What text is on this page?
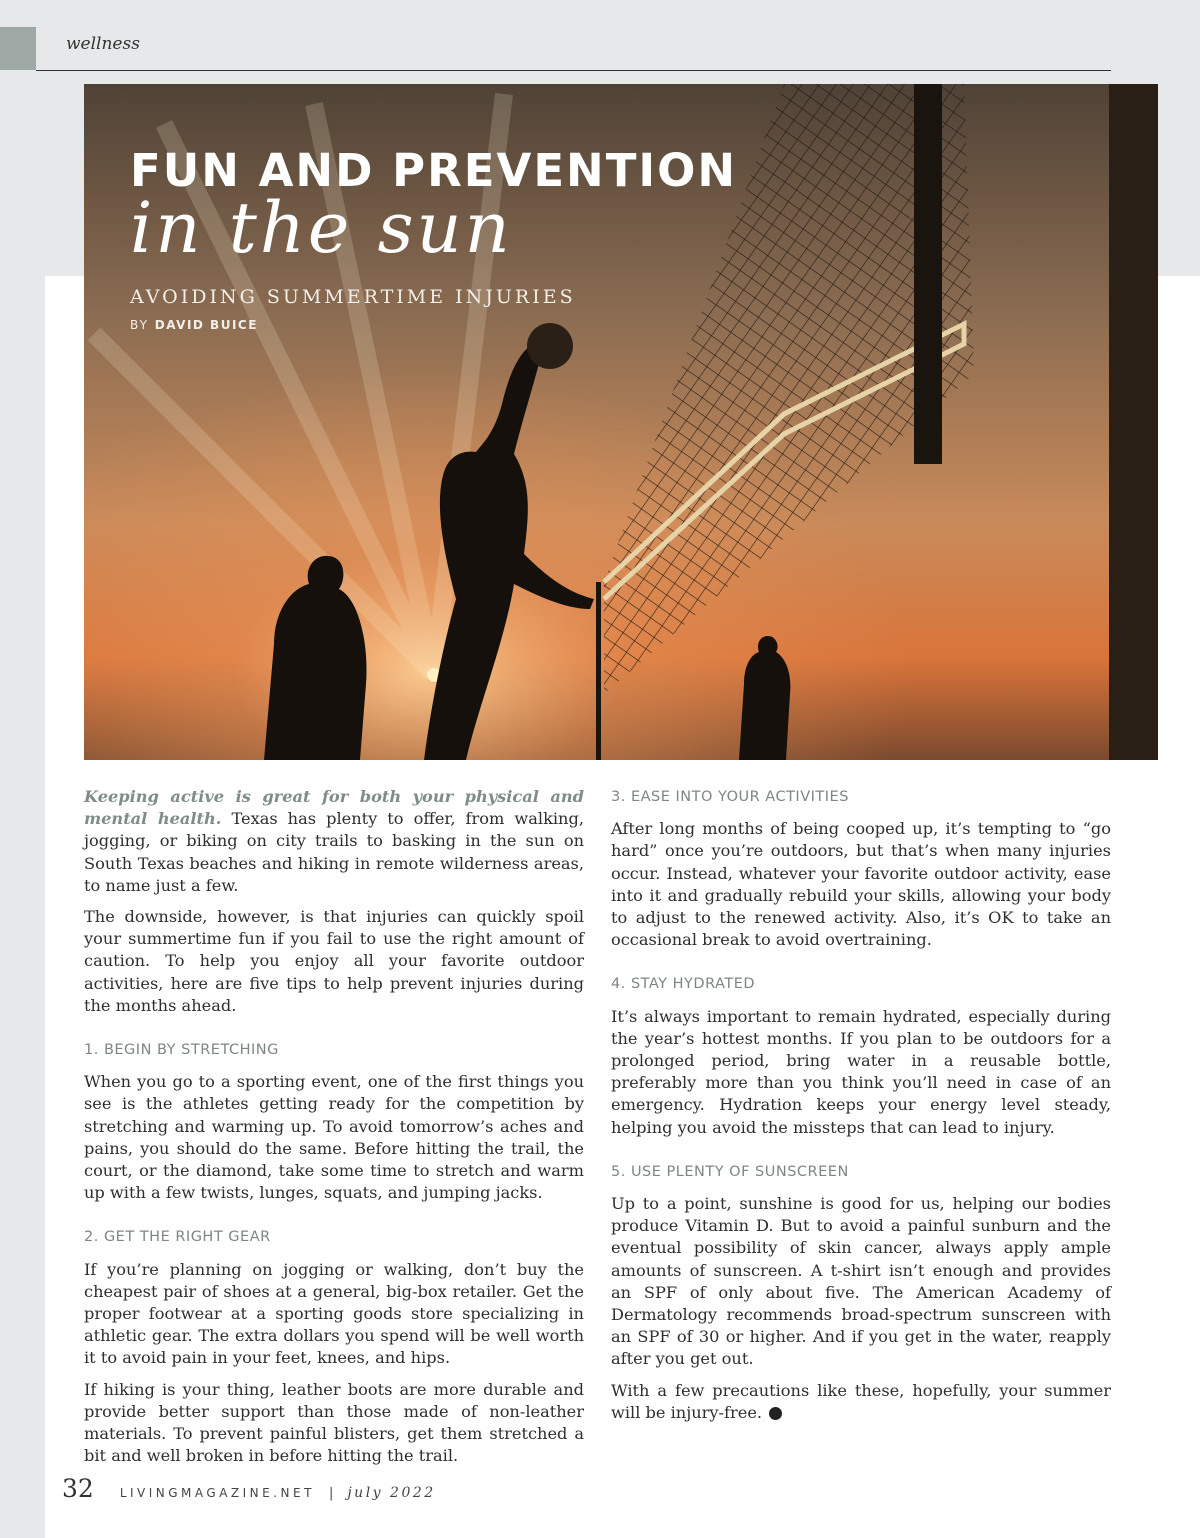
wellness
FUN AND PREVENTION
in the sun
AVOIDING SUMMERTIME INJURIES
BY DAVID BUICE

Keeping active is great for both your physical and mental health. Texas has plenty to offer, from walking, jogging, or biking on city trails to basking in the sun on South Texas beaches and hiking in remote wilderness areas, to name just a few.

The downside, however, is that injuries can quickly spoil your summertime fun if you fail to use the right amount of caution. To help you enjoy all your favorite outdoor activities, here are five tips to help prevent injuries during the months ahead.

1. BEGIN BY STRETCHING

When you go to a sporting event, one of the first things you see is the athletes getting ready for the competition by stretching and warming up. To avoid tomorrow’s aches and pains, you should do the same. Before hitting the trail, the court, or the diamond, take some time to stretch and warm up with a few twists, lunges, squats, and jumping jacks.

2. GET THE RIGHT GEAR

If you’re planning on jogging or walking, don’t buy the cheapest pair of shoes at a general, big-box retailer. Get the proper footwear at a sporting goods store specializing in athletic gear. The extra dollars you spend will be well worth it to avoid pain in your feet, knees, and hips.

If hiking is your thing, leather boots are more durable and provide better support than those made of non-leather materials. To prevent painful blisters, get them stretched a bit and well broken in before hitting the trail.

3. EASE INTO YOUR ACTIVITIES

After long months of being cooped up, it’s tempting to “go hard” once you’re outdoors, but that’s when many injuries occur. Instead, whatever your favorite outdoor activity, ease into it and gradually rebuild your skills, allowing your body to adjust to the renewed activity. Also, it’s OK to take an occasional break to avoid overtraining.

4. STAY HYDRATED

It’s always important to remain hydrated, especially during the year’s hottest months. If you plan to be outdoors for a prolonged period, bring water in a reusable bottle, preferably more than you think you’ll need in case of an emergency. Hydration keeps your energy level steady, helping you avoid the missteps that can lead to injury.

5. USE PLENTY OF SUNSCREEN

Up to a point, sunshine is good for us, helping our bodies produce Vitamin D. But to avoid a painful sunburn and the eventual possibility of skin cancer, always apply ample amounts of sunscreen. A t-shirt isn’t enough and provides an SPF of only about five. The American Academy of Dermatology recommends broad-spectrum sunscreen with an SPF of 30 or higher. And if you get in the water, reapply after you get out.

With a few precautions like these, hopefully, your summer will be injury-free.

32 LIVINGMAGAZINE.NET | july 2022
